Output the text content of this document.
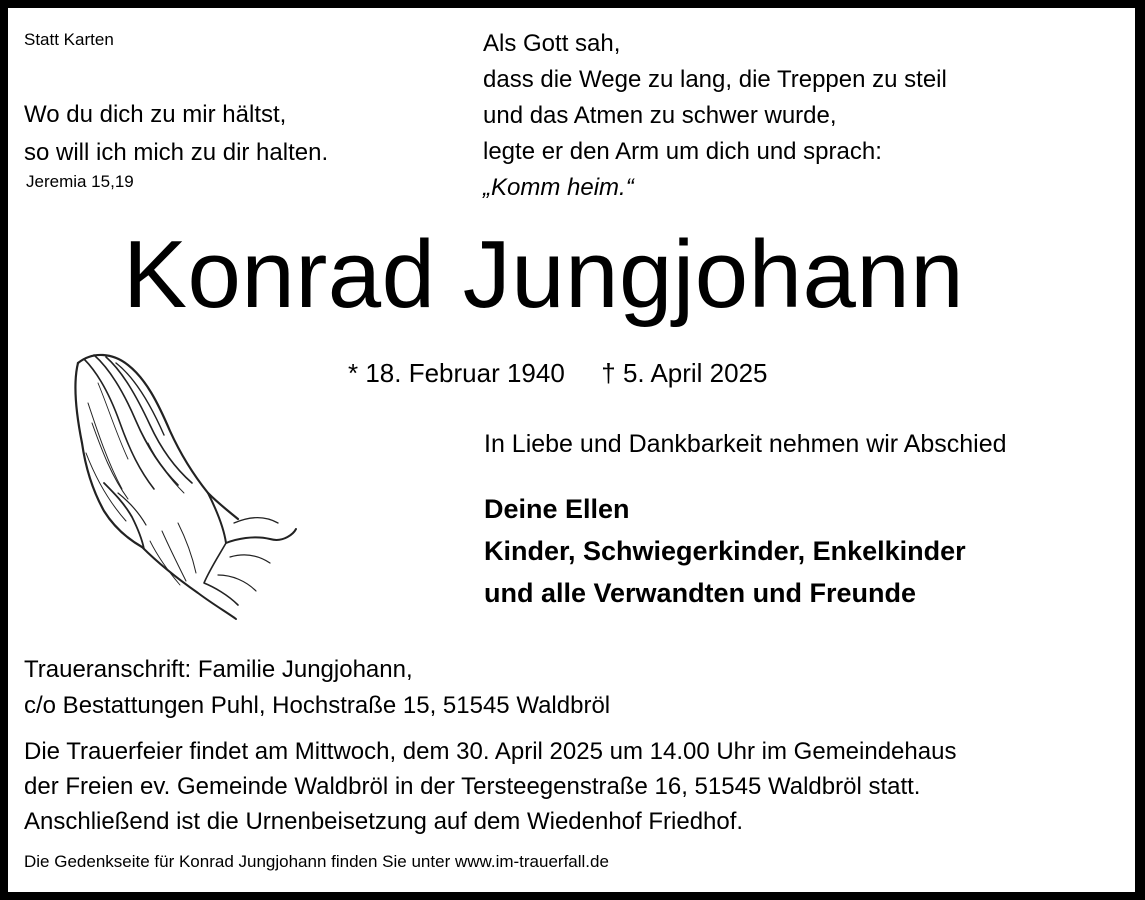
Statt Karten
Wo du dich zu mir hältst,
so will ich mich zu dir halten.
Jeremia 15,19
Als Gott sah,
dass die Wege zu lang, die Treppen zu steil
und das Atmen zu schwer wurde,
legte er den Arm um dich und sprach:
„Komm heim.“
Konrad Jungjohann
* 18. Februar 1940 † 5. April 2025
In Liebe und Dankbarkeit nehmen wir Abschied
Deine Ellen
Kinder, Schwiegerkinder, Enkelkinder
und alle Verwandten und Freunde
Traueranschrift: Familie Jungjohann,
c/o Bestattungen Puhl, Hochstraße 15, 51545 Waldbröl
Die Trauerfeier findet am Mittwoch, dem 30. April 2025 um 14.00 Uhr im Gemeindehaus
der Freien ev. Gemeinde Waldbröl in der Tersteegenstraße 16, 51545 Waldbröl statt.
Anschließend ist die Urnenbeisetzung auf dem Wiedenhof Friedhof.
Die Gedenkseite für Konrad Jungjohann finden Sie unter www.im-trauerfall.de
